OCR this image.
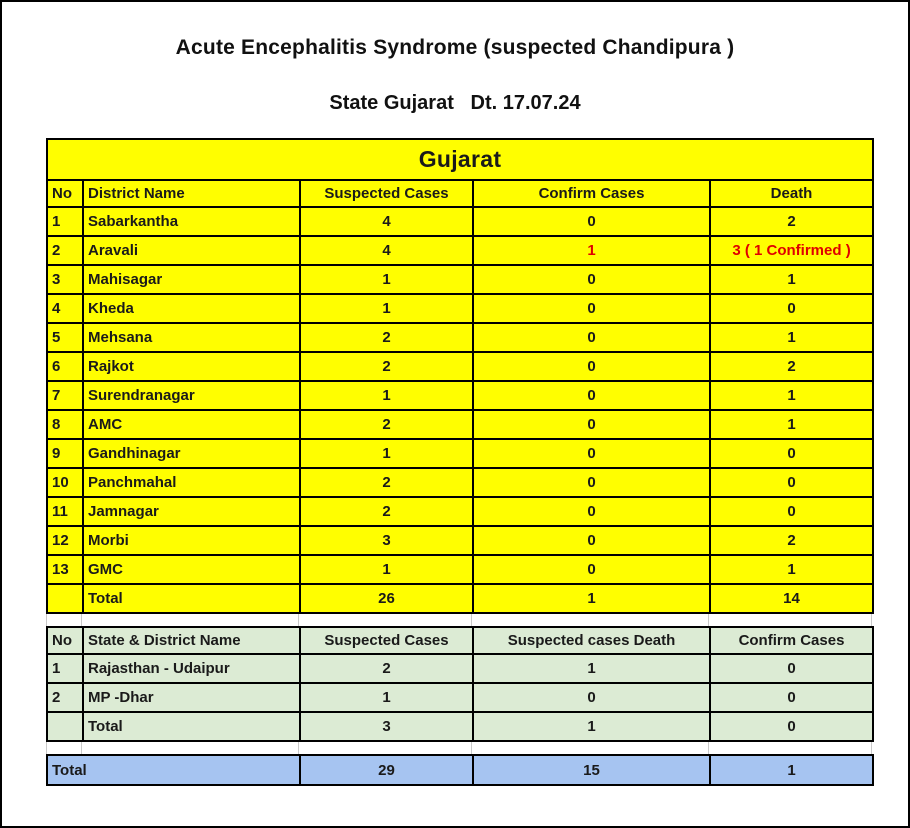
Acute Encephalitis Syndrome (suspected Chandipura )
State Gujarat   Dt. 17.07.24
Gujarat				
No	District Name	Suspected Cases	Confirm Cases	Death
1	Sabarkantha	4	0	2
2	Aravali	4	1	3 ( 1 Confirmed )
3	Mahisagar	1	0	1
4	Kheda	1	0	0
5	Mehsana	2	0	1
6	Rajkot	2	0	2
7	Surendranagar	1	0	1
8	AMC	2	0	1
9	Gandhinagar	1	0	0
10	Panchmahal	2	0	0
11	Jamnagar	2	0	0
12	Morbi	3	0	2
13	GMC	1	0	1
	Total	26	1	14
No	State & District Name	Suspected Cases	Suspected cases Death	Confirm Cases
1	Rajasthan - Udaipur	2	1	0
2	MP -Dhar	1	0	0
	Total	3	1	0
Total	29	15	1
